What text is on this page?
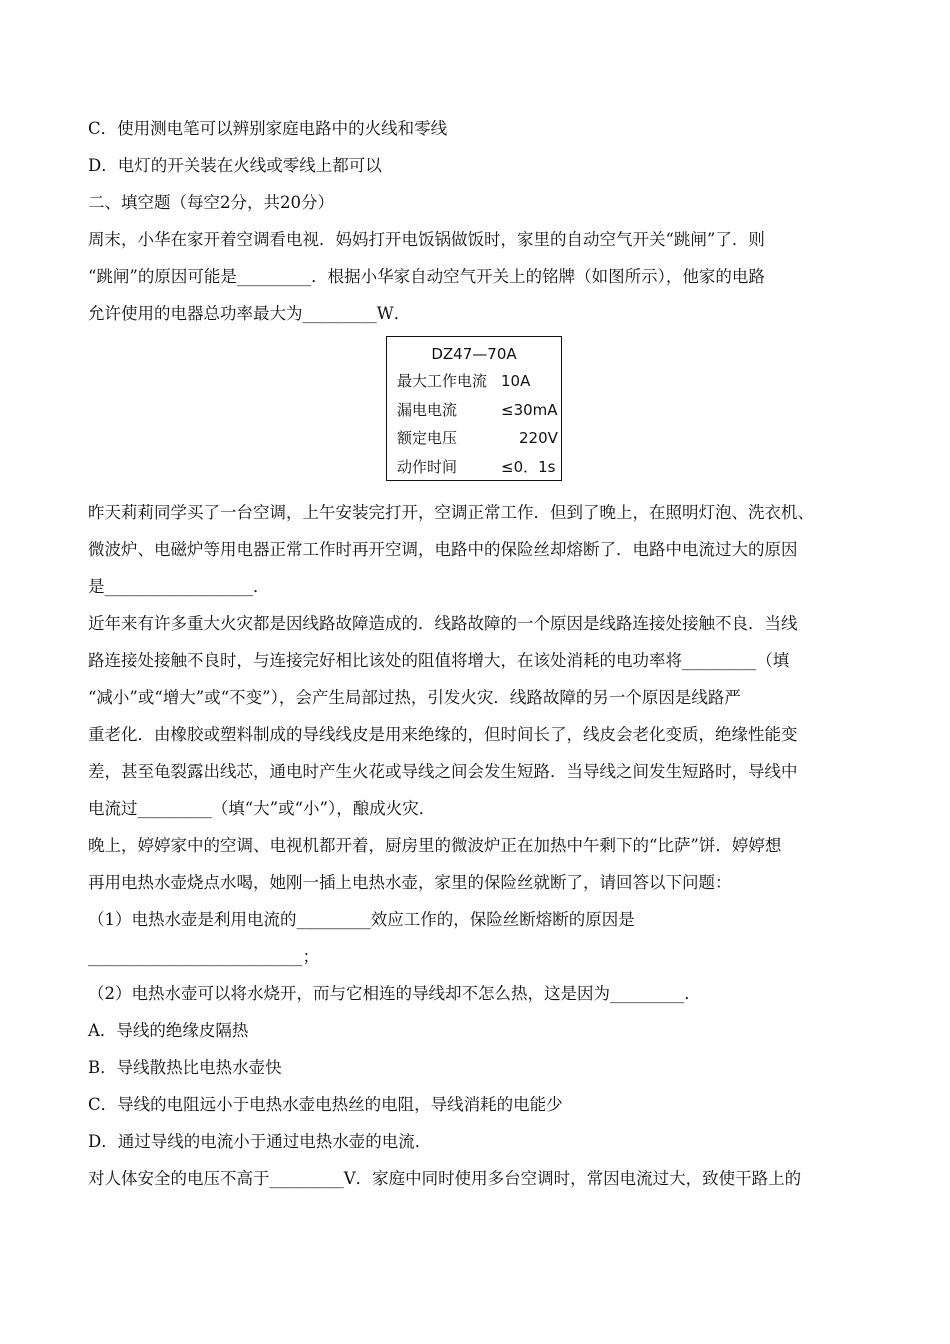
C．使用测电笔可以辨别家庭电路中的火线和零线
D．电灯的开关装在火线或零线上都可以
二、填空题（每空2分，共20分）
周末，小华在家开着空调看电视．妈妈打开电饭锅做饭时，家里的自动空气开关“跳闸”了．则
“跳闸”的原因可能是_________．根据小华家自动空气开关上的铭牌（如图所示），他家的电路
允许使用的电器总功率最大为_________W．
DZ47—70A
最大工作电流 10A
漏电电流	≤30mA
额定电压	220V
动作时间	≤0．1s
昨天莉莉同学买了一台空调，上午安装完打开，空调正常工作．但到了晚上，在照明灯泡、洗衣机、
微波炉、电磁炉等用电器正常工作时再开空调，电路中的保险丝却熔断了．电路中电流过大的原因
是__________________．
近年来有许多重大火灾都是因线路故障造成的．线路故障的一个原因是线路连接处接触不良．当线
路连接处接触不良时，与连接完好相比该处的阻值将增大，在该处消耗的电功率将_________（填
“减小”或“增大”或“不变”），会产生局部过热，引发火灾．线路故障的另一个原因是线路严
重老化．由橡胶或塑料制成的导线线皮是用来绝缘的，但时间长了，线皮会老化变质，绝缘性能变
差，甚至龟裂露出线芯，通电时产生火花或导线之间会发生短路．当导线之间发生短路时，导线中
电流过_________（填“大”或“小”），酿成火灾．
晚上，婷婷家中的空调、电视机都开着，厨房里的微波炉正在加热中午剩下的“比萨”饼．婷婷想
再用电热水壶烧点水喝，她刚一插上电热水壶，家里的保险丝就断了，请回答以下问题：
（1）电热水壶是利用电流的_________效应工作的，保险丝断熔断的原因是
__________________________；
（2）电热水壶可以将水烧开，而与它相连的导线却不怎么热，这是因为_________．
A．导线的绝缘皮隔热
B．导线散热比电热水壶快
C．导线的电阻远小于电热水壶电热丝的电阻，导线消耗的电能少
D．通过导线的电流小于通过电热水壶的电流．
对人体安全的电压不高于_________V．家庭中同时使用多台空调时，常因电流过大，致使干路上的
